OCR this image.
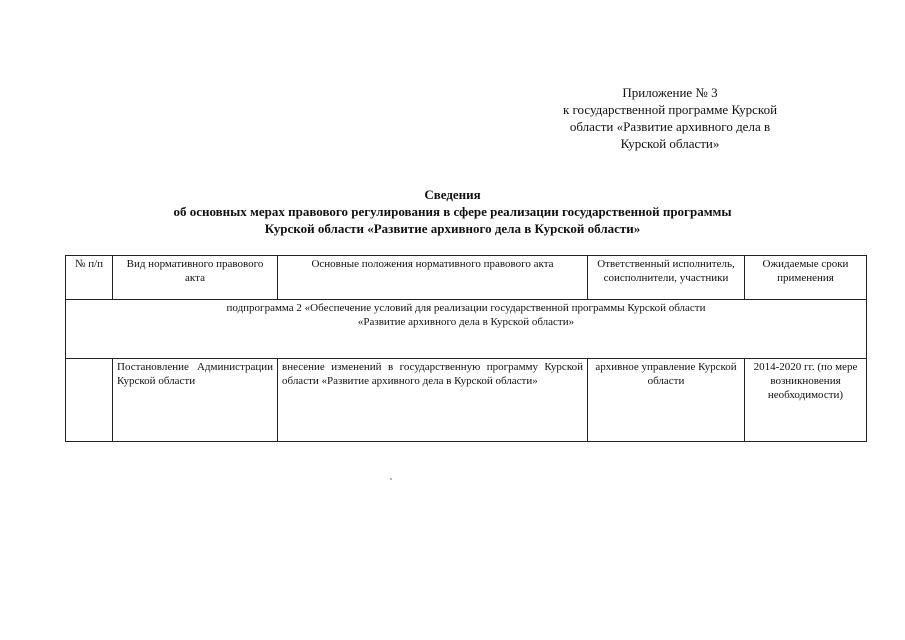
Приложение № 3
к государственной программе Курской
области «Развитие архивного дела в
Курской области»
Сведения
об основных мерах правового регулирования в сфере реализации государственной программы
Курской области «Развитие архивного дела в Курской области»
№ п/п	Вид нормативного правового акта	Основные положения нормативного правового акта	Ответственный исполнитель, соисполнители, участники	Ожидаемые сроки применения

подпрограмма 2 «Обеспечение условий для реализации государственной программы Курской области
«Развитие архивного дела в Курской области»				

	Постановление Администрации Курской области	внесение изменений в государственную программу Курской области «Развитие архивного дела в Курской области»	архивное управление Курской области	2014-2020 гг. (по мере возникновения необходимости)
